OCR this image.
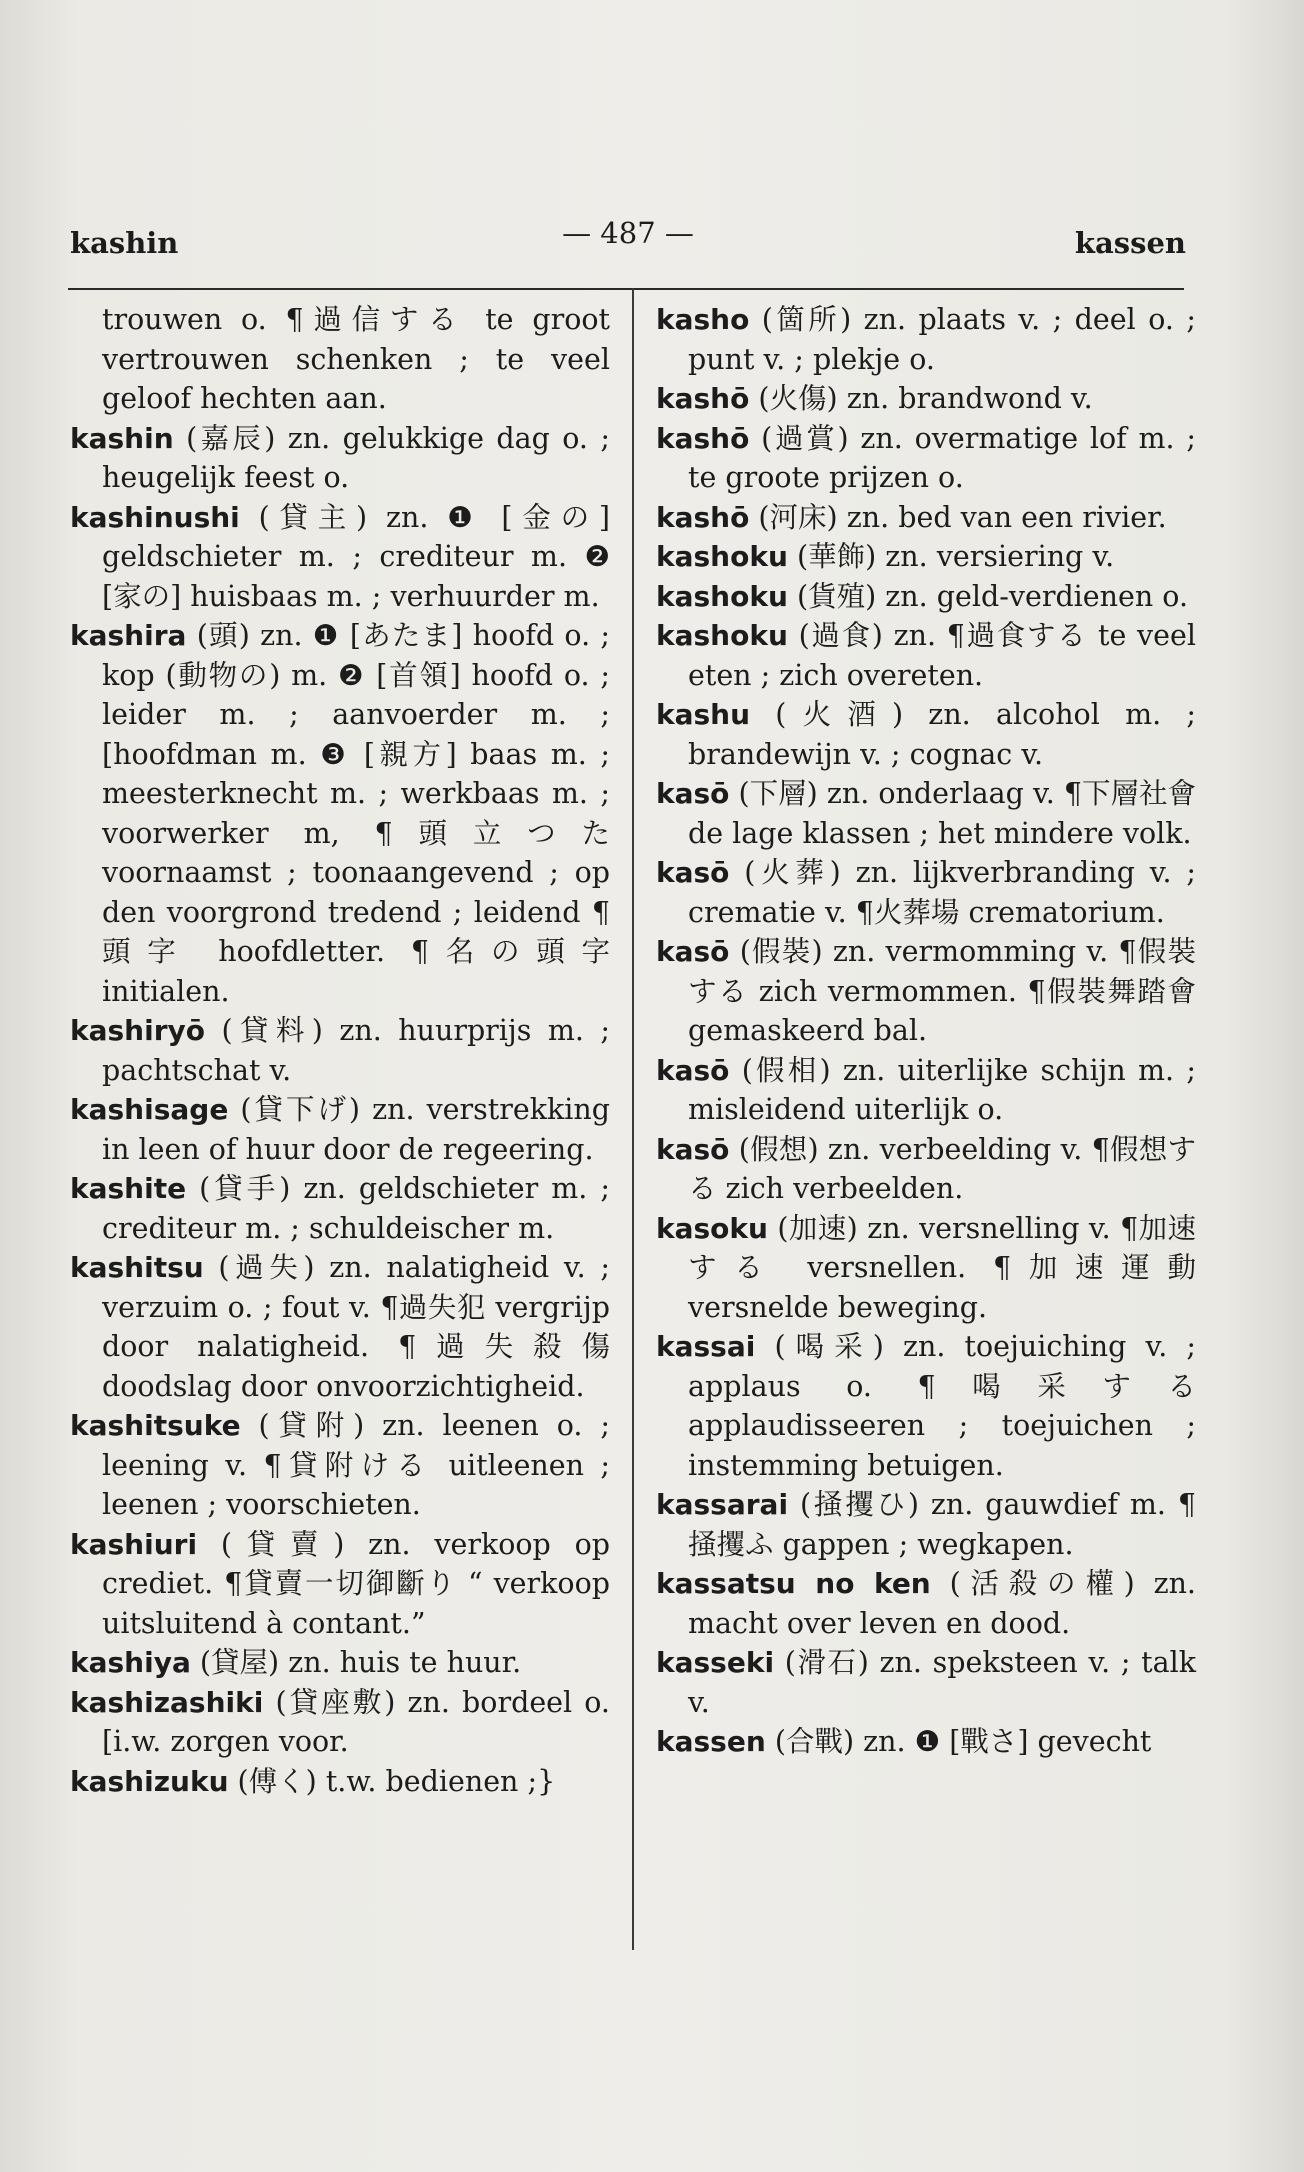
kashin	— 487 —	kassen

trouwen o. ¶過信する te groot vertrouwen schenken ; te veel geloof hechten aan.

kashin (嘉辰) zn. gelukkige dag o. ; heugelijk feest o.

kashinushi (貸主) zn. ❶ [金の] geldschieter m. ; crediteur m. ❷ [家の] huisbaas m. ; verhuurder m.

kashira (頭) zn. ❶ [あたま] hoofd o. ; kop (動物の) m. ❷ [首領] hoofd o. ; leider m. ; aanvoerder m. ; [hoofdman m. ❸ [親方] baas m. ; meesterknecht m. ; werkbaas m. ; voorwerker m, ¶頭立つた voornaamst ; toonaangevend ; op den voorgrond tredend ; leidend ¶頭字 hoofdletter. ¶名の頭字 initialen.

kashiryō (貸料) zn. huurprijs m. ; pachtschat v.

kashisage (貸下げ) zn. verstrekking in leen of huur door de regeering.

kashite (貸手) zn. geldschieter m. ; crediteur m. ; schuldeischer m.

kashitsu (過失) zn. nalatigheid v. ; verzuim o. ; fout v. ¶過失犯 vergrijp door nalatigheid. ¶過失殺傷 doodslag door onvoorzichtigheid.

kashitsuke (貸附) zn. leenen o. ; leening v. ¶貸附ける uitleenen ; leenen ; voorschieten.

kashiuri (貸賣) zn. verkoop op crediet. ¶貸賣一切御斷り “ verkoop uitsluitend à contant.”

kashiya (貸屋) zn. huis te huur.

kashizashiki (貸座敷) zn. bordeel o. [i.w. zorgen voor.

kashizuku (傅く) t.w. bedienen ;}

kasho (箇所) zn. plaats v. ; deel o. ; punt v. ; plekje o.

kashō (火傷) zn. brandwond v.

kashō (過賞) zn. overmatige lof m. ; te groote prijzen o.

kashō (河床) zn. bed van een rivier.

kashoku (華飾) zn. versiering v.

kashoku (貨殖) zn. geld-verdienen o.

kashoku (過食) zn. ¶過食する te veel eten ; zich overeten.

kashu (火酒) zn. alcohol m. ; brandewijn v. ; cognac v.

kasō (下層) zn. onderlaag v. ¶下層社會 de lage klassen ; het mindere volk.

kasō (火葬) zn. lijkverbranding v. ; crematie v. ¶火葬場 crematorium.

kasō (假裝) zn. vermomming v. ¶假裝する zich vermommen. ¶假裝舞踏會 gemaskeerd bal.

kasō (假相) zn. uiterlijke schijn m. ; misleidend uiterlijk o.

kasō (假想) zn. verbeelding v. ¶假想する zich verbeelden.

kasoku (加速) zn. versnelling v. ¶加速する versnellen. ¶加速運動 versnelde beweging.

kassai (喝采) zn. toejuiching v. ; applaus o. ¶喝采する applaudisseeren ; toejuichen ; instemming betuigen.

kassarai (掻攫ひ) zn. gauwdief m. ¶掻攫ふ gappen ; wegkapen.

kassatsu no ken (活殺の權) zn. macht over leven en dood.

kasseki (滑石) zn. speksteen v. ; talk v.

kassen (合戰) zn. ❶ [戰さ] gevecht
